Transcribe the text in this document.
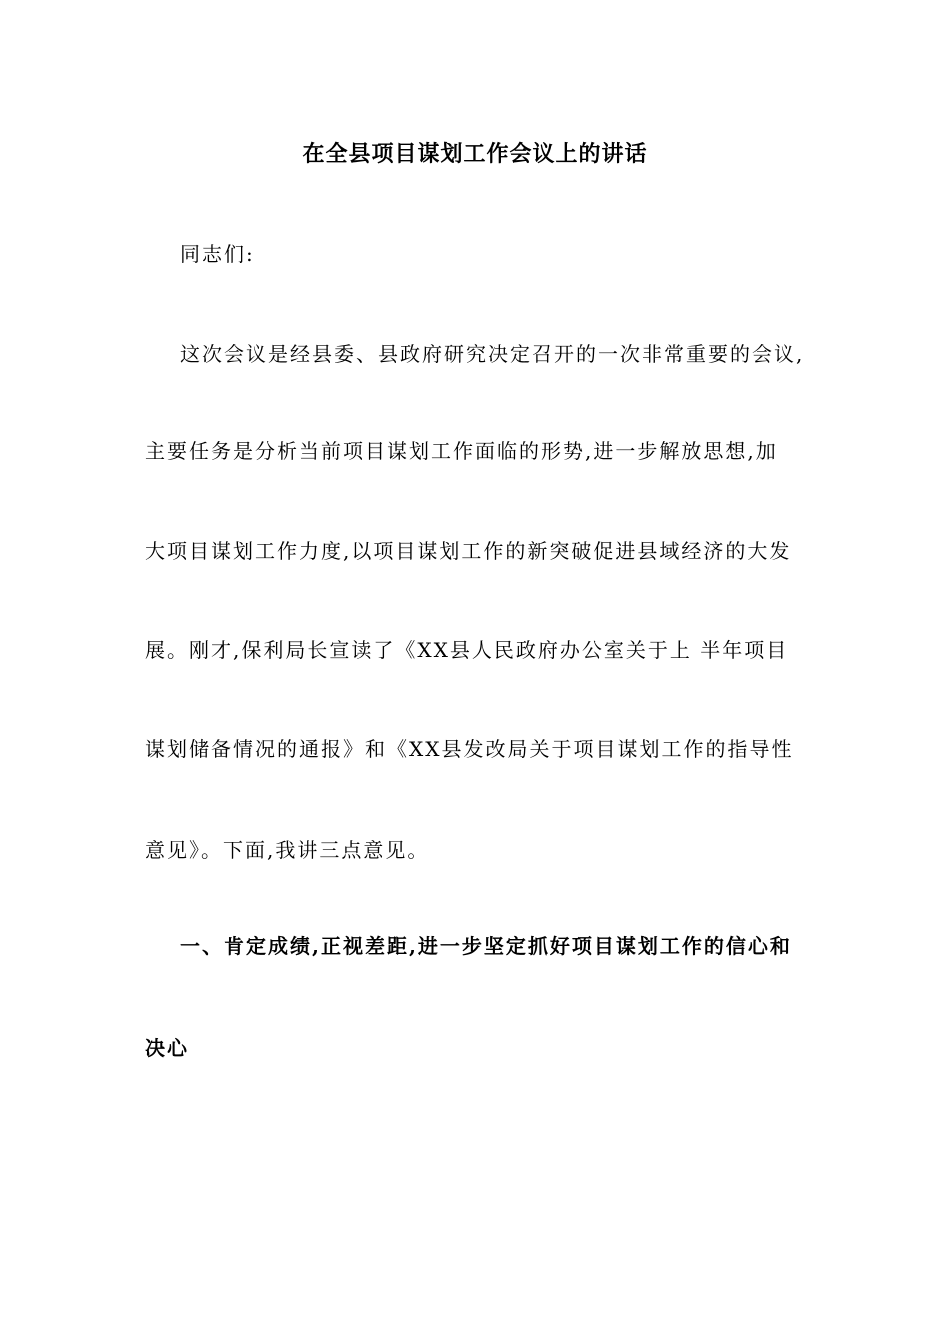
在全县项目谋划工作会议上的讲话
同志们:
这次会议是经县委、县政府研究决定召开的一次非常重要的会议,
主要任务是分析当前项目谋划工作面临的形势,进一步解放思想,加
大项目谋划工作力度,以项目谋划工作的新突破促进县域经济的大发
展。刚才,保利局长宣读了《XX县人民政府办公室关于上 半年项目
谋划储备情况的通报》和《XX县发改局关于项目谋划工作的指导性
意见》。下面,我讲三点意见。
一、肯定成绩,正视差距,进一步坚定抓好项目谋划工作的信心和
决心
